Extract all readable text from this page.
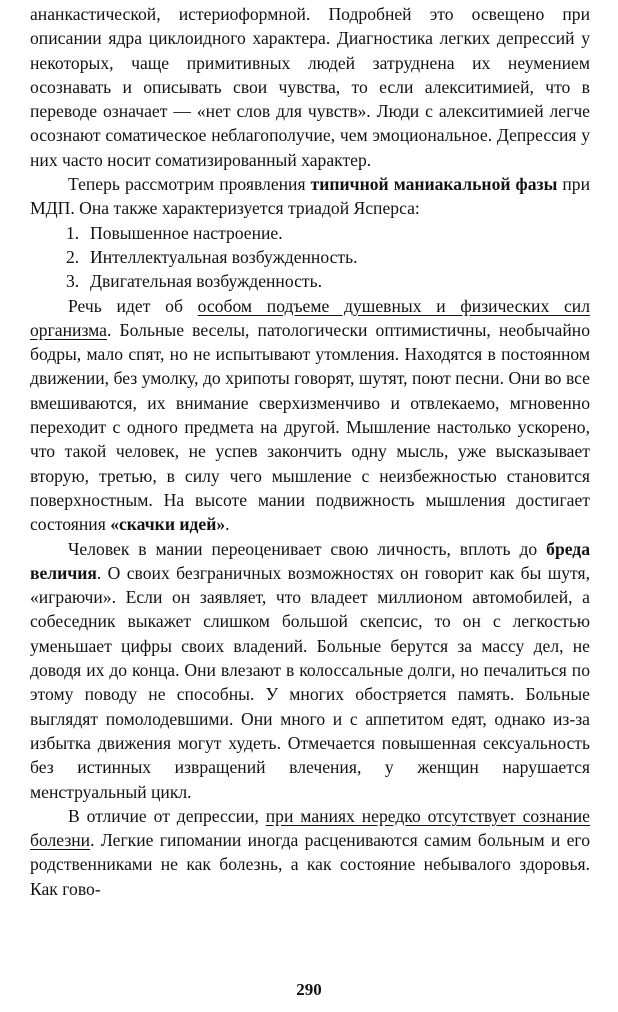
ананкастической, истериоформной. Подробней это освещено при описании ядра циклоидного характера. Диагностика легких депрессий у некоторых, чаще примитивных людей затруднена их неумением осознавать и описывать свои чувства, то если алекситимией, что в переводе означает — «нет слов для чувств». Люди с алекситимией легче осознают соматическое неблагополучие, чем эмоциональное. Депрессия у них часто носит соматизированный характер.

Теперь рассмотрим проявления типичной маниакальной фазы при МДП. Она также характеризуется триадой Ясперса:

1. Повышенное настроение.
2. Интеллектуальная возбужденность.
3. Двигательная возбужденность.

Речь идет об особом подъеме душевных и физических сил организма. Больные веселы, патологически оптимистичны, необычайно бодры, мало спят, но не испытывают утомления. Находятся в постоянном движении, без умолку, до хрипоты говорят, шутят, поют песни. Они во все вмешиваются, их внимание сверхизменчиво и отвлекаемо, мгновенно переходит с одного предмета на другой. Мышление настолько ускорено, что такой человек, не успев закончить одну мысль, уже высказывает вторую, третью, в силу чего мышление с неизбежностью становится поверхностным. На высоте мании подвижность мышления достигает состояния «скачки идей».

Человек в мании переоценивает свою личность, вплоть до бреда величия. О своих безграничных возможностях он говорит как бы шутя, «играючи». Если он заявляет, что владеет миллионом автомобилей, а собеседник выкажет слишком большой скепсис, то он с легкостью уменьшает цифры своих владений. Больные берутся за массу дел, не доводя их до конца. Они влезают в колоссальные долги, но печалиться по этому поводу не способны. У многих обостряется память. Больные выглядят помолодевшими. Они много и с аппетитом едят, однако из-за избытка движения могут худеть. Отмечается повышенная сексуальность без истинных извращений влечения, у женщин нарушается менструальный цикл.

В отличие от депрессии, при маниях нередко отсутствует сознание болезни. Легкие гипомании иногда расцениваются самим больным и его родственниками не как болезнь, а как состояние небывалого здоровья. Как гово-

290
